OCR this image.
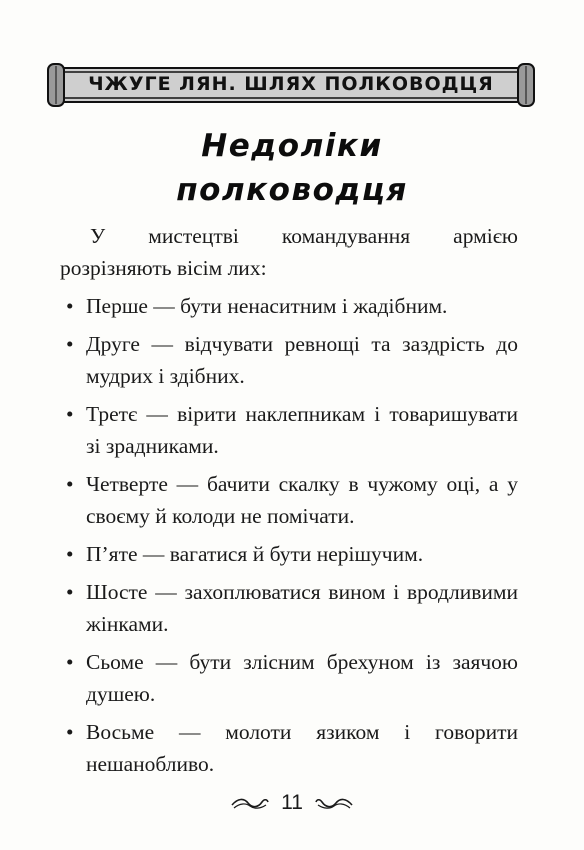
ЧЖУГЕ ЛЯН. ШЛЯХ ПОЛКОВОДЦЯ
Недоліки
полководця

У мистецтві командування армією розрізняють вісім лих:

• Перше — бути ненаситним і жадібним.
• Друге — відчувати ревнощі та заздрість до мудрих і здібних.
• Третє — вірити наклепникам і товаришувати зі зрадниками.
• Четверте — бачити скалку в чужому оці, а у своєму й колоди не помічати.
• П’яте — вагатися й бути нерішучим.
• Шосте — захоплюватися вином і вродливими жінками.
• Сьоме — бути злісним брехуном із заячою душею.
• Восьме — молоти язиком і говорити нешанобливо.
11
